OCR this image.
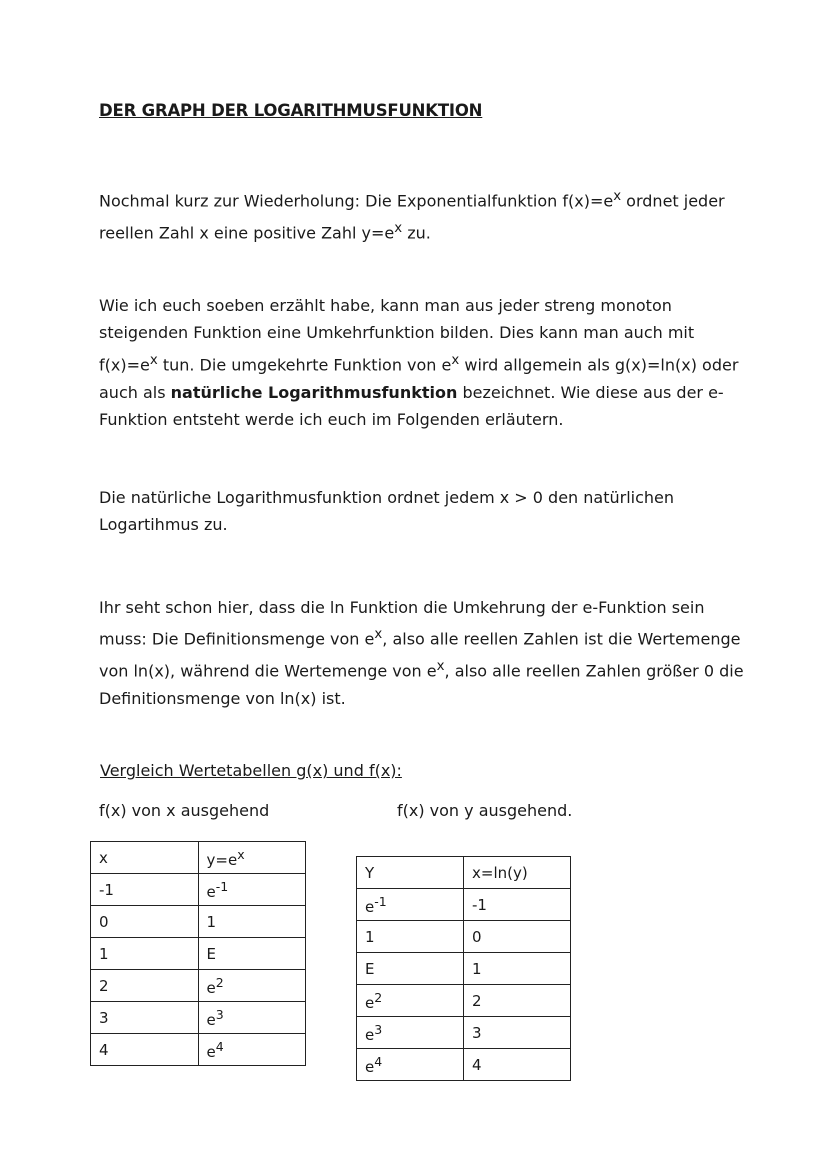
DER GRAPH DER LOGARITHMUSFUNKTION

Nochmal kurz zur Wiederholung: Die Exponentialfunktion $f(x)=e^x$ ordnet jeder reellen Zahl x eine positive Zahl $y=e^x$ zu.

Wie ich euch soeben erzählt habe, kann man aus jeder streng monoton steigenden Funktion eine Umkehrfunktion bilden. Dies kann man auch mit $f(x)=e^x$ tun. Die umgekehrte Funktion von $e^x$ wird allgemein als g(x)=ln(x) oder auch als natürliche Logarithmusfunktion bezeichnet. Wie diese aus der e-Funktion entsteht werde ich euch im Folgenden erläutern.

Die natürliche Logarithmusfunktion ordnet jedem x > 0 den natürlichen Logartihmus zu.

Ihr seht schon hier, dass die ln Funktion die Umkehrung der e-Funktion sein muss: Die Definitionsmenge von $e^x$, also alle reellen Zahlen ist die Wertemenge von ln(x), während die Wertemenge von $e^x$, also alle reellen Zahlen größer 0 die Definitionsmenge von ln(x) ist.

Vergleich Wertetabellen g(x) und f(x):

f(x) von x ausgehend	f(x) von y ausgehend.

x	$y=e^x$
-1	$e^{-1}$
0	1
1	E
2	$e^2$
3	$e^3$
4	$e^4$
Y	x=ln(y)
$e^{-1}$	-1
1	0
E	1
$e^2$	2
$e^3$	3
$e^4$	4
